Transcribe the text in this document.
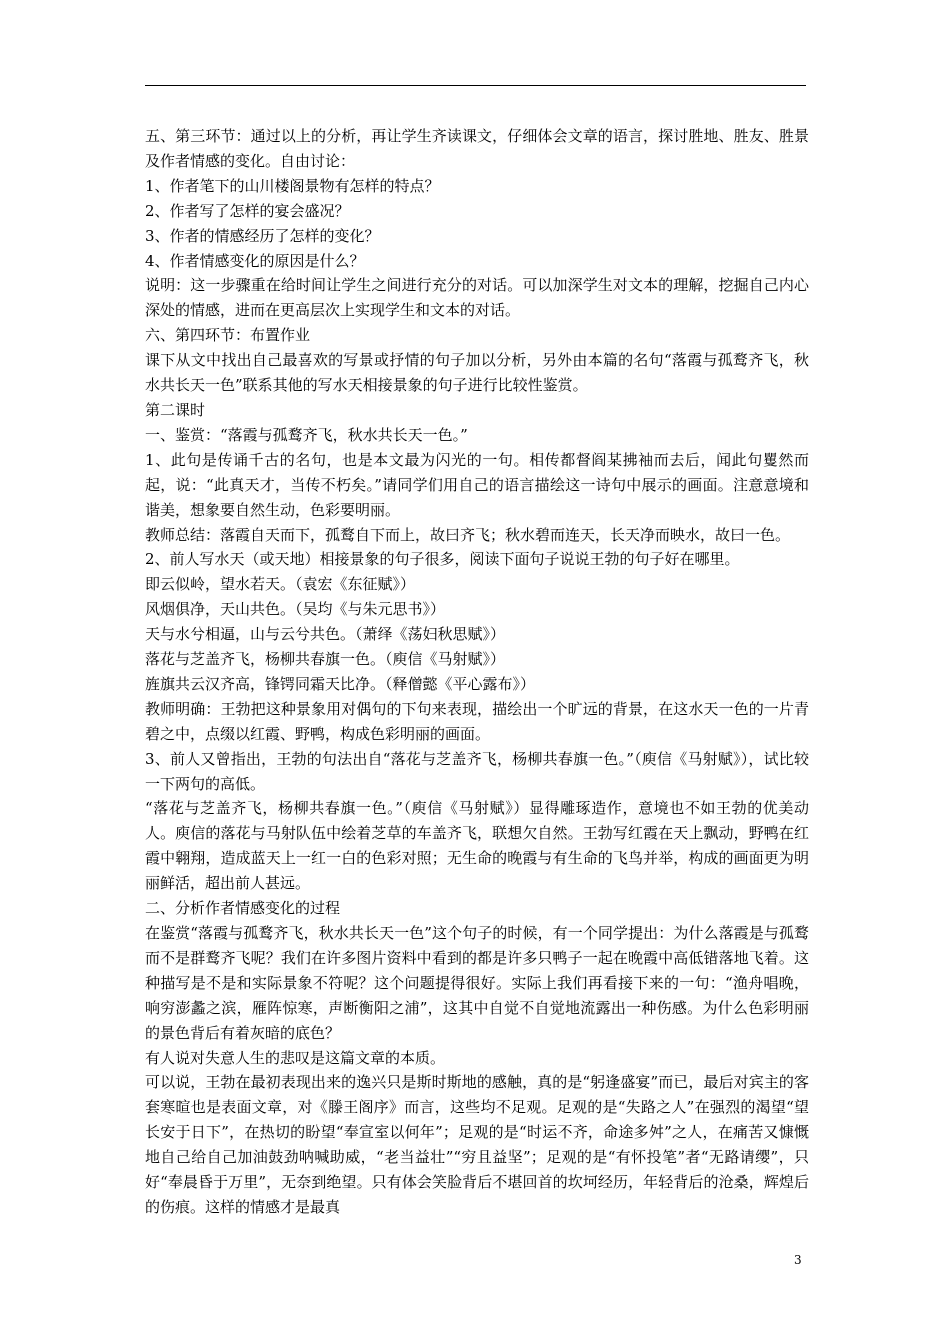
五、第三环节：通过以上的分析，再让学生齐读课文，仔细体会文章的语言，探讨胜地、胜友、胜景及作者情感的变化。自由讨论：

1、作者笔下的山川楼阁景物有怎样的特点？

2、作者写了怎样的宴会盛况？

3、作者的情感经历了怎样的变化？

4、作者情感变化的原因是什么？

说明：这一步骤重在给时间让学生之间进行充分的对话。可以加深学生对文本的理解，挖掘自己内心深处的情感，进而在更高层次上实现学生和文本的对话。

六、第四环节：布置作业

课下从文中找出自己最喜欢的写景或抒情的句子加以分析，另外由本篇的名句“落霞与孤鹜齐飞，秋水共长天一色”联系其他的写水天相接景象的句子进行比较性鉴赏。

第二课时

一、鉴赏：“落霞与孤鹜齐飞，秋水共长天一色。”

1、此句是传诵千古的名句，也是本文最为闪光的一句。相传都督阎某拂袖而去后，闻此句矍然而起，说：“此真天才，当传不朽矣。”请同学们用自己的语言描绘这一诗句中展示的画面。注意意境和谐美，想象要自然生动，色彩要明丽。

教师总结：落霞自天而下，孤鹜自下而上，故曰齐飞；秋水碧而连天，长天净而映水，故曰一色。

2、前人写水天（或天地）相接景象的句子很多，阅读下面句子说说王勃的句子好在哪里。

即云似岭，望水若天。（袁宏《东征赋》）

风烟俱净，天山共色。（吴均《与朱元思书》）

天与水兮相逼，山与云兮共色。（萧绎《荡妇秋思赋》）

落花与芝盖齐飞，杨柳共春旗一色。（庾信《马射赋》）

旌旗共云汉齐高，锋锷同霜天比净。（释僧懿《平心露布》）

教师明确：王勃把这种景象用对偶句的下句来表现，描绘出一个旷远的背景，在这水天一色的一片青碧之中，点缀以红霞、野鸭，构成色彩明丽的画面。

3、前人又曾指出，王勃的句法出自“落花与芝盖齐飞，杨柳共春旗一色。”（庾信《马射赋》），试比较一下两句的高低。

“落花与芝盖齐飞，杨柳共春旗一色。”（庾信《马射赋》）显得雕琢造作，意境也不如王勃的优美动人。庾信的落花与马射队伍中绘着芝草的车盖齐飞，联想欠自然。王勃写红霞在天上飘动，野鸭在红霞中翱翔，造成蓝天上一红一白的色彩对照；无生命的晚霞与有生命的飞鸟并举，构成的画面更为明丽鲜活，超出前人甚远。

二、分析作者情感变化的过程

在鉴赏“落霞与孤鹜齐飞，秋水共长天一色”这个句子的时候，有一个同学提出：为什么落霞是与孤鹜而不是群鹜齐飞呢？我们在许多图片资料中看到的都是许多只鸭子一起在晚霞中高低错落地飞着。这种描写是不是和实际景象不符呢？这个问题提得很好。实际上我们再看接下来的一句：“渔舟唱晚，响穷澎蠡之滨，雁阵惊寒，声断衡阳之浦”，这其中自觉不自觉地流露出一种伤感。为什么色彩明丽的景色背后有着灰暗的底色？

有人说对失意人生的悲叹是这篇文章的本质。

可以说，王勃在最初表现出来的逸兴只是斯时斯地的感触，真的是“躬逢盛宴”而已，最后对宾主的客套寒暄也是表面文章，对《滕王阁序》而言，这些均不足观。足观的是“失路之人”在强烈的渴望“望长安于日下”，在热切的盼望“奉宣室以何年”；足观的是“时运不齐，命途多舛”之人，在痛苦又慷慨地自己给自己加油鼓劲呐喊助威，“老当益壮”“穷且益坚”；足观的是“有怀投笔”者“无路请缨”，只好“奉晨昏于万里”，无奈到绝望。只有体会笑脸背后不堪回首的坎坷经历，年轻背后的沧桑，辉煌后的伤痕。这样的情感才是最真

3
